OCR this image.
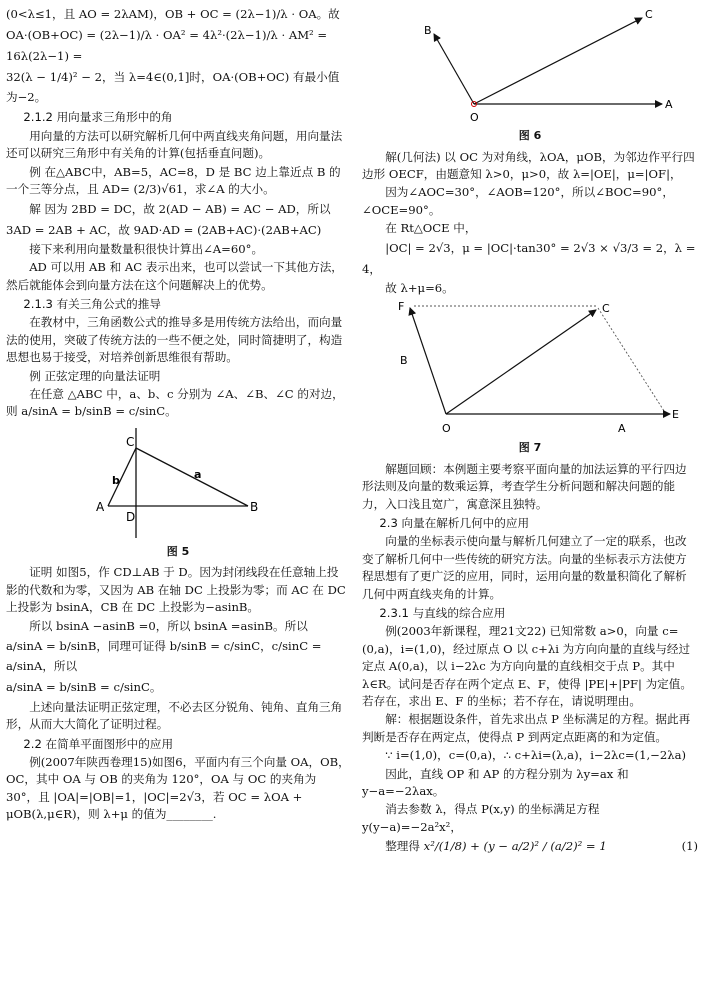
(0<λ≤1，且 AO = 2λAM)，OB + OC = (2λ−1)/λ · OA。故

OA·(OB+OC) = (2λ−1)/λ · OA² = 4λ²·(2λ−1)/λ · AM² = 16λ(2λ−1) =

32(λ − 1/4)² − 2，当 λ=4∈(0,1]时，OA·(OB+OC) 有最小值为−2。

2.1.2 用向量求三角形中的角

用向量的方法可以研究解析几何中两直线夹角问题，用向量法还可以研究三角形中有关角的计算(包括垂直问题)。

例 在△ABC中，AB=5，AC=8，D 是 BC 边上靠近点 B 的一个三等分点，且 AD= (2/3)√61，求∠A 的大小。

解 因为 2BD = DC，故 2(AD − AB) = AC − AD，所以 3AD = 2AB + AC，故 9AD·AD = (2AB+AC)·(2AB+AC)

接下来利用向量数量积很快计算出∠A=60°。

AD 可以用 AB 和 AC 表示出来，也可以尝试一下其他方法，然后就能体会到向量方法在这个问题解决上的优势。

2.1.3 有关三角公式的推导

在教材中，三角函数公式的推导多是用传统方法给出，而向量法的使用，突破了传统方法的一些不便之处，同时简捷明了，构造思想也易于接受，对培养创新思维很有帮助。

例 正弦定理的向量法证明

在任意 △ABC 中，a、b、c 分别为 ∠A、∠B、∠C 的对边，则 a/sinA = b/sinB = c/sinC。

C
A	B
D
b	a
图 5

证明 如图5，作 CD⊥AB 于 D。因为封闭线段在任意轴上投影的代数和为零，又因为 AB 在轴 DC 上投影为零；而 AC 在 DC 上投影为 bsinA，CB 在 DC 上投影为−asinB。

所以 bsinA −asinB =0，所以 bsinA =asinB。所以

a/sinA = b/sinB，同理可证得 b/sinB = c/sinC，c/sinC = a/sinA，所以

a/sinA = b/sinB = c/sinC。

上述向量法证明正弦定理，不必去区分锐角、钝角、直角三角形，从而大大简化了证明过程。

2.2 在简单平面图形中的应用

例(2007年陕西卷理15)如图6，平面内有三个向量 OA，OB，OC，其中 OA 与 OB 的夹角为 120°，OA 与 OC 的夹角为 30°，且 |OA|=|OB|=1，|OC|=2√3，若 OC = λOA + μOB(λ,μ∈R)，则 λ+μ 的值为________.

O
A
B
C
图 6

解(几何法) 以 OC 为对角线，λOA，μOB，为邻边作平行四边形 OECF，由题意知 λ>0，μ>0，故 λ=|OE|，μ=|OF|，

因为∠AOC=30°，∠AOB=120°，所以∠BOC=90°，∠OCE=90°。

在 Rt△OCE 中，

|OC| = 2√3，μ = |OC|·tan30° = 2√3 × √3/3 = 2，λ = 4，

故 λ+μ=6。

F
B
C
O	A
E
图 7

解题回顾：本例题主要考察平面向量的加法运算的平行四边形法则及向量的数乘运算，考查学生分析问题和解决问题的能力，入口浅且宽广，寓意深且独特。

2.3 向量在解析几何中的应用

向量的坐标表示使向量与解析几何建立了一定的联系，也改变了解析几何中一些传统的研究方法。向量的坐标表示方法使方程思想有了更广泛的应用，同时，运用向量的数量积简化了解析几何中两直线夹角的计算。

2.3.1 与直线的综合应用

例(2003年新课程，理21文22) 已知常数 a>0，向量 c=(0,a)，i=(1,0)，经过原点 O 以 c+λi 为方向向量的直线与经过定点 A(0,a)，以 i−2λc 为方向向量的直线相交于点 P。其中 λ∈R。试问是否存在两个定点 E、F，使得 |PE|+|PF| 为定值。若存在，求出 E、F 的坐标；若不存在，请说明理由。

解：根据题设条件，首先求出点 P 坐标满足的方程。据此再判断是否存在两定点，使得点 P 到两定点距离的和为定值。

∵ i=(1,0)，c=(0,a)，∴ c+λi=(λ,a)，i−2λc=(1,−2λa)

因此，直线 OP 和 AP 的方程分别为 λy=ax 和 y−a=−2λax。

消去参数 λ，得点 P(x,y) 的坐标满足方程 y(y−a)=−2a²x²，

整理得 x²/(1/8) + (y − a/2)² / (a/2)² = 1	(1)
